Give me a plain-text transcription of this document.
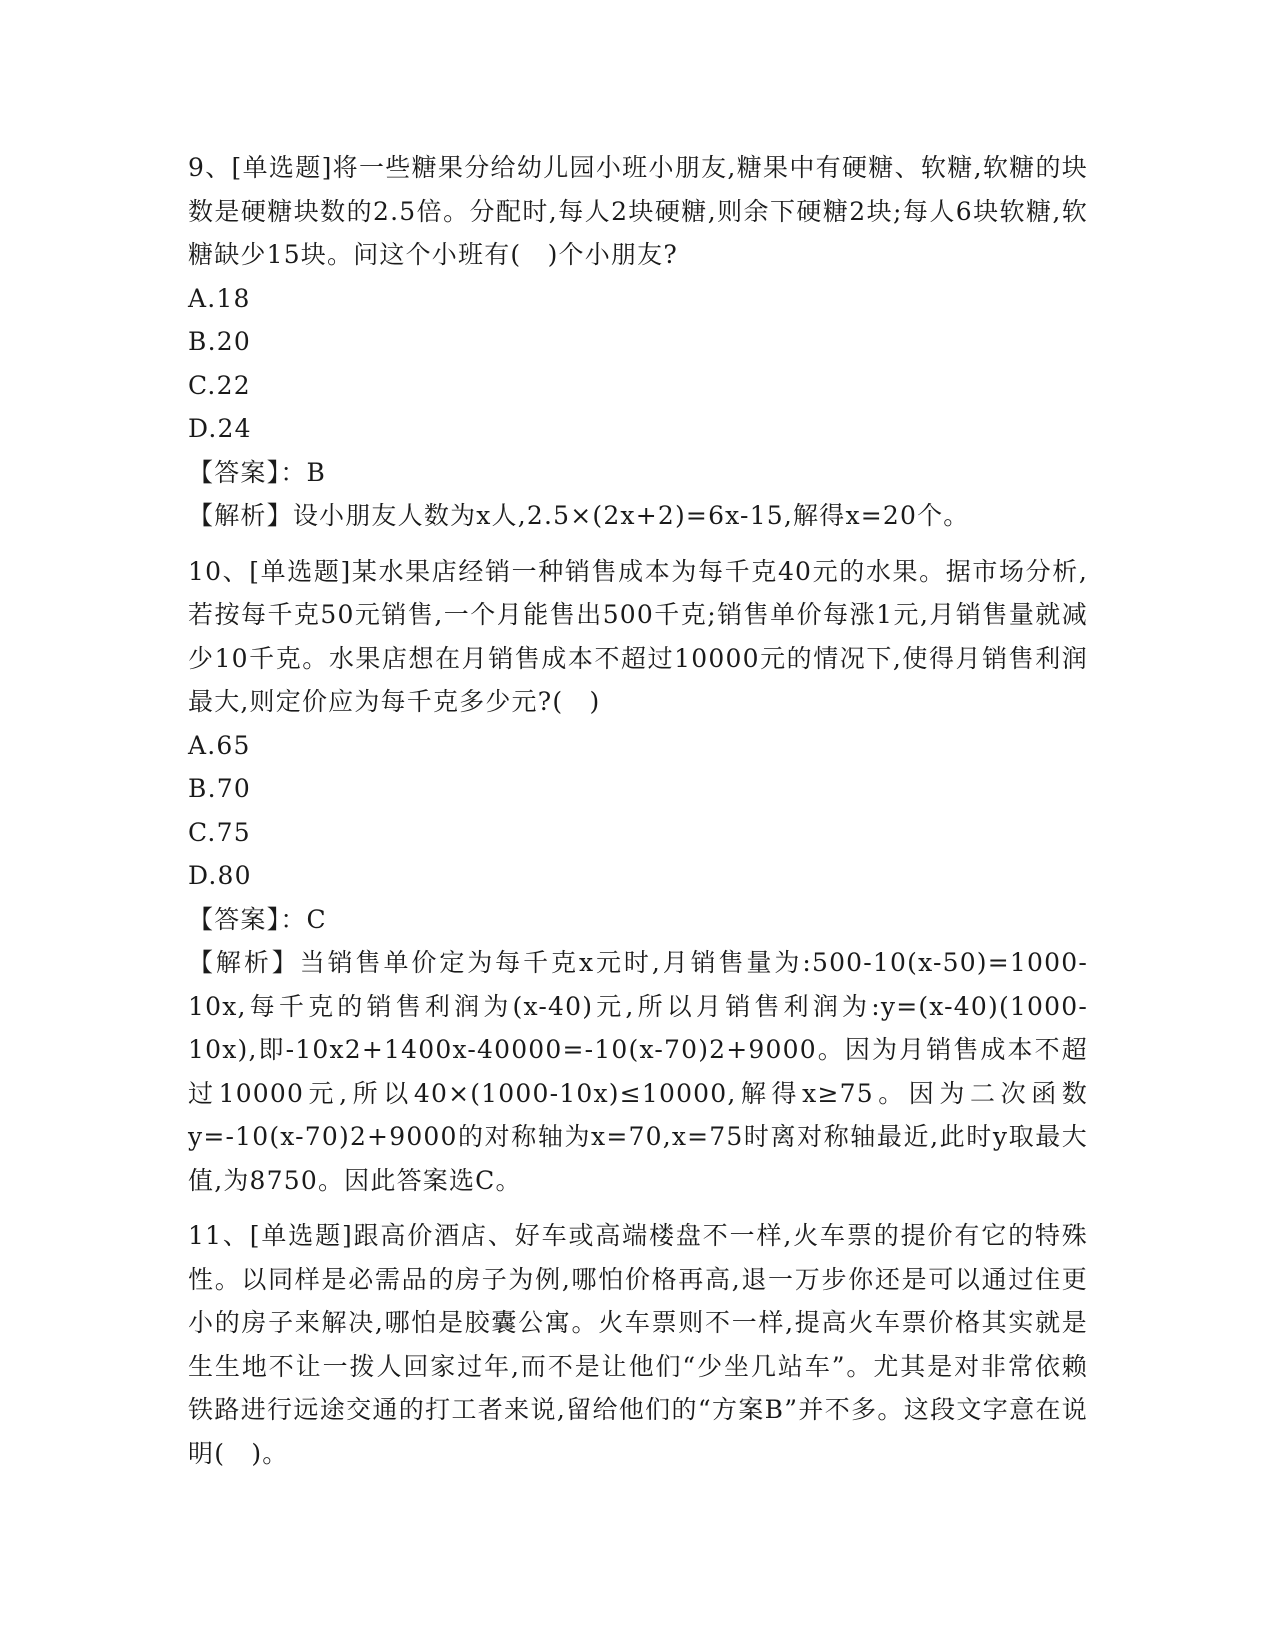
9、[单选题]将一些糖果分给幼儿园小班小朋友,糖果中有硬糖、软糖,软糖的块数是硬糖块数的2.5倍。分配时,每人2块硬糖,则余下硬糖2块;每人6块软糖,软糖缺少15块。问这个小班有(　)个小朋友?

A.18
B.20
C.22
D.24

【答案】：B

【解析】设小朋友人数为x人,2.5×(2x+2)=6x-15,解得x=20个。

10、[单选题]某水果店经销一种销售成本为每千克40元的水果。据市场分析,若按每千克50元销售,一个月能售出500千克;销售单价每涨1元,月销售量就减少10千克。水果店想在月销售成本不超过10000元的情况下,使得月销售利润最大,则定价应为每千克多少元?(　)

A.65
B.70
C.75
D.80

【答案】：C

【解析】当销售单价定为每千克x元时,月销售量为:500-10(x-50)=1000-10x,每千克的销售利润为(x-40)元,所以月销售利润为:y=(x-40)(1000-10x),即-10x2+1400x-40000=-10(x-70)2+9000。因为月销售成本不超过10000元,所以40×(1000-10x)≤10000,解得x≥75。因为二次函数y=-10(x-70)2+9000的对称轴为x=70,x=75时离对称轴最近,此时y取最大值,为8750。因此答案选C。

11、[单选题]跟高价酒店、好车或高端楼盘不一样,火车票的提价有它的特殊性。以同样是必需品的房子为例,哪怕价格再高,退一万步你还是可以通过住更小的房子来解决,哪怕是胶囊公寓。火车票则不一样,提高火车票价格其实就是生生地不让一拨人回家过年,而不是让他们“少坐几站车”。尤其是对非常依赖铁路进行远途交通的打工者来说,留给他们的“方案B”并不多。这段文字意在说明(　)。
